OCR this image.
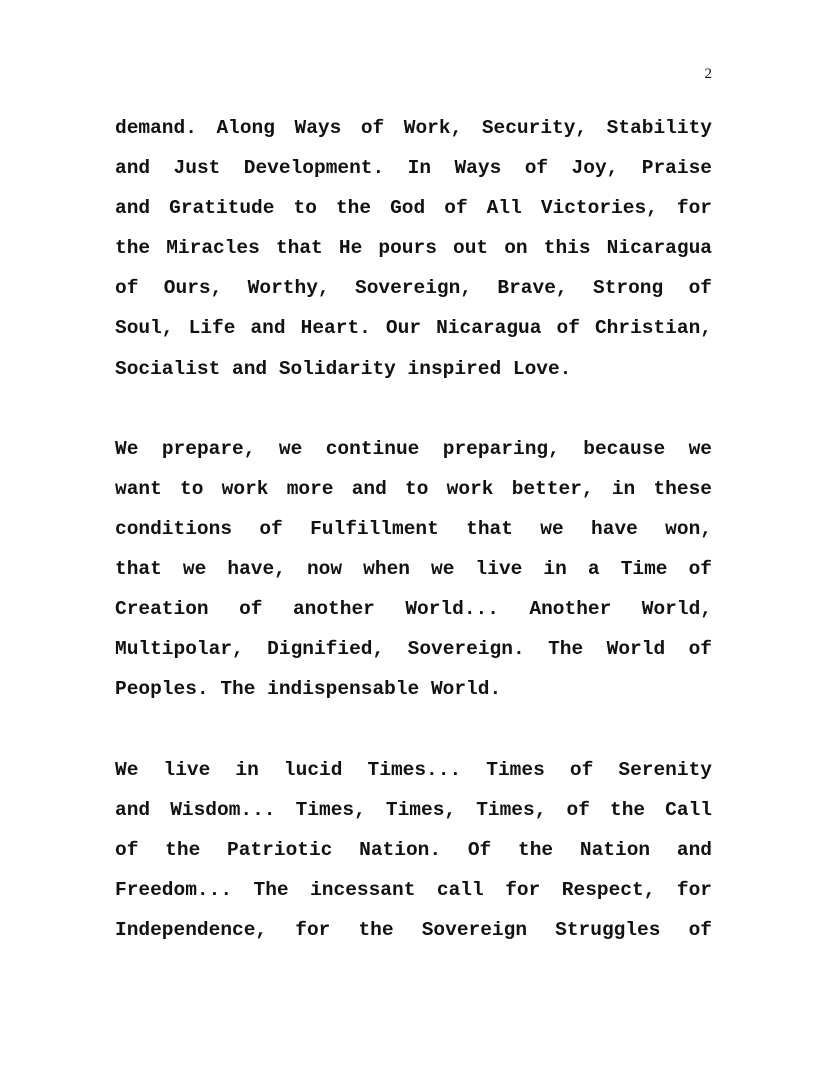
2
demand. Along Ways of Work, Security, Stability
and Just Development. In Ways of Joy, Praise
and Gratitude to the God of All Victories, for
the Miracles that He pours out on this Nicaragua
of Ours, Worthy, Sovereign, Brave, Strong of
Soul, Life and Heart. Our Nicaragua of Christian,
Socialist and Solidarity inspired Love.
We prepare, we continue preparing, because we
want to work more and to work better, in these
conditions of Fulfillment that we have won,
that we have, now when we live in a Time of
Creation of another World... Another World,
Multipolar, Dignified, Sovereign. The World of
Peoples. The indispensable World.
We live in lucid Times... Times of Serenity
and Wisdom... Times, Times, Times, of the Call
of the Patriotic Nation. Of the Nation and
Freedom... The incessant call for Respect, for
Independence, for the Sovereign Struggles of
